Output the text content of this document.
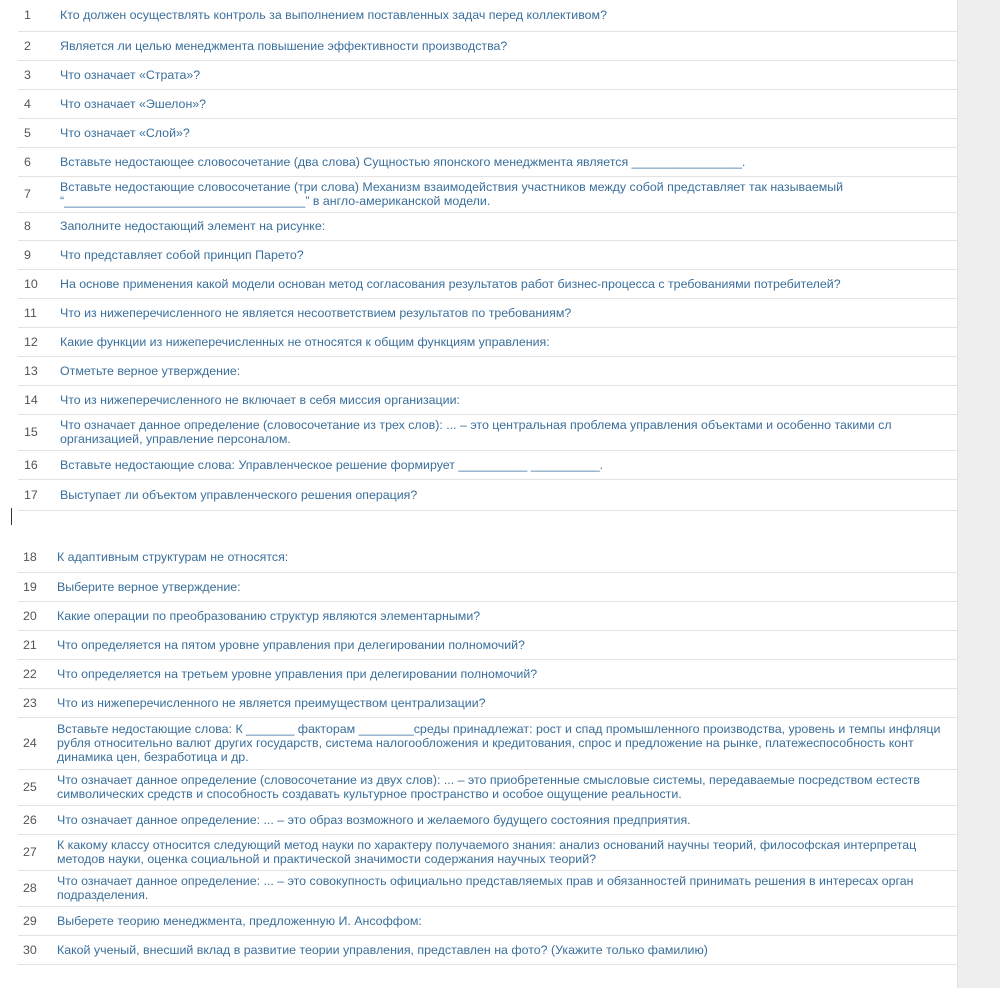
1	Кто должен осуществлять контроль за выполнением поставленных задач перед коллективом?

2	Является ли целью менеджмента повышение эффективности производства?

3	Что означает «Страта»?

4	Что означает «Эшелон»?

5	Что означает «Слой»?

6	Вставьте недостающее словосочетание (два слова) Сущностью японского менеджмента является ________________.

7	Вставьте недостающие словосочетание (три слова) Механизм взаимодействия участников между собой представляет так называемый
“___________________________________” в англо-американской модели.

8	Заполните недостающий элемент на рисунке:

9	Что представляет собой принцип Парето?

10	На основе применения какой модели основан метод согласования результатов работ бизнес-процесса с требованиями потребителей?

11	Что из нижеперечисленного не является несоответствием результатов по требованиям?

12	Какие функции из нижеперечисленных не относятся к общим функциям управления:

13	Отметьте верное утверждение:

14	Что из нижеперечисленного не включает в себя миссия организации:

15	Что означает данное определение (словосочетание из трех слов): ... – это центральная проблема управления объектами и особенно такими сл
организацией, управление персоналом.

16	Вставьте недостающие слова: Управленческое решение формирует __________ __________.

17	Выступает ли объектом управленческого решения операция?
18	К адаптивным структурам не относятся:

19	Выберите верное утверждение:

20	Какие операции по преобразованию структур являются элементарными?

21	Что определяется на пятом уровне управления при делегировании полномочий?

22	Что определяется на третьем уровне управления при делегировании полномочий?

23	Что из нижеперечисленного не является преимуществом централизации?

24	Вставьте недостающие слова: К _______ факторам ________среды принадлежат: рост и спад промышленного производства, уровень и темпы инфляци
рубля относительно валют других государств, система налогообложения и кредитования, спрос и предложение на рынке, платежеспособность конт
динамика цен, безработица и др.

25	Что означает данное определение (словосочетание из двух слов): ... – это приобретенные смысловые системы, передаваемые посредством естеств
символических средств и способность создавать культурное пространство и особое ощущение реальности.

26	Что означает данное определение: ... – это образ возможного и желаемого будущего состояния предприятия.

27	К какому классу относится следующий метод науки по характеру получаемого знания: анализ оснований научны теорий, философская интерпретац
методов науки, оценка социальной и практической значимости содержания научных теорий?

28	Что означает данное определение: ... – это совокупность официально представляемых прав и обязанностей принимать решения в интересах орган
подразделения.

29	Выберете теорию менеджмента, предложенную И. Ансоффом:

30	Какой ученый, внесший вклад в развитие теории управления, представлен на фото? (Укажите только фамилию)
